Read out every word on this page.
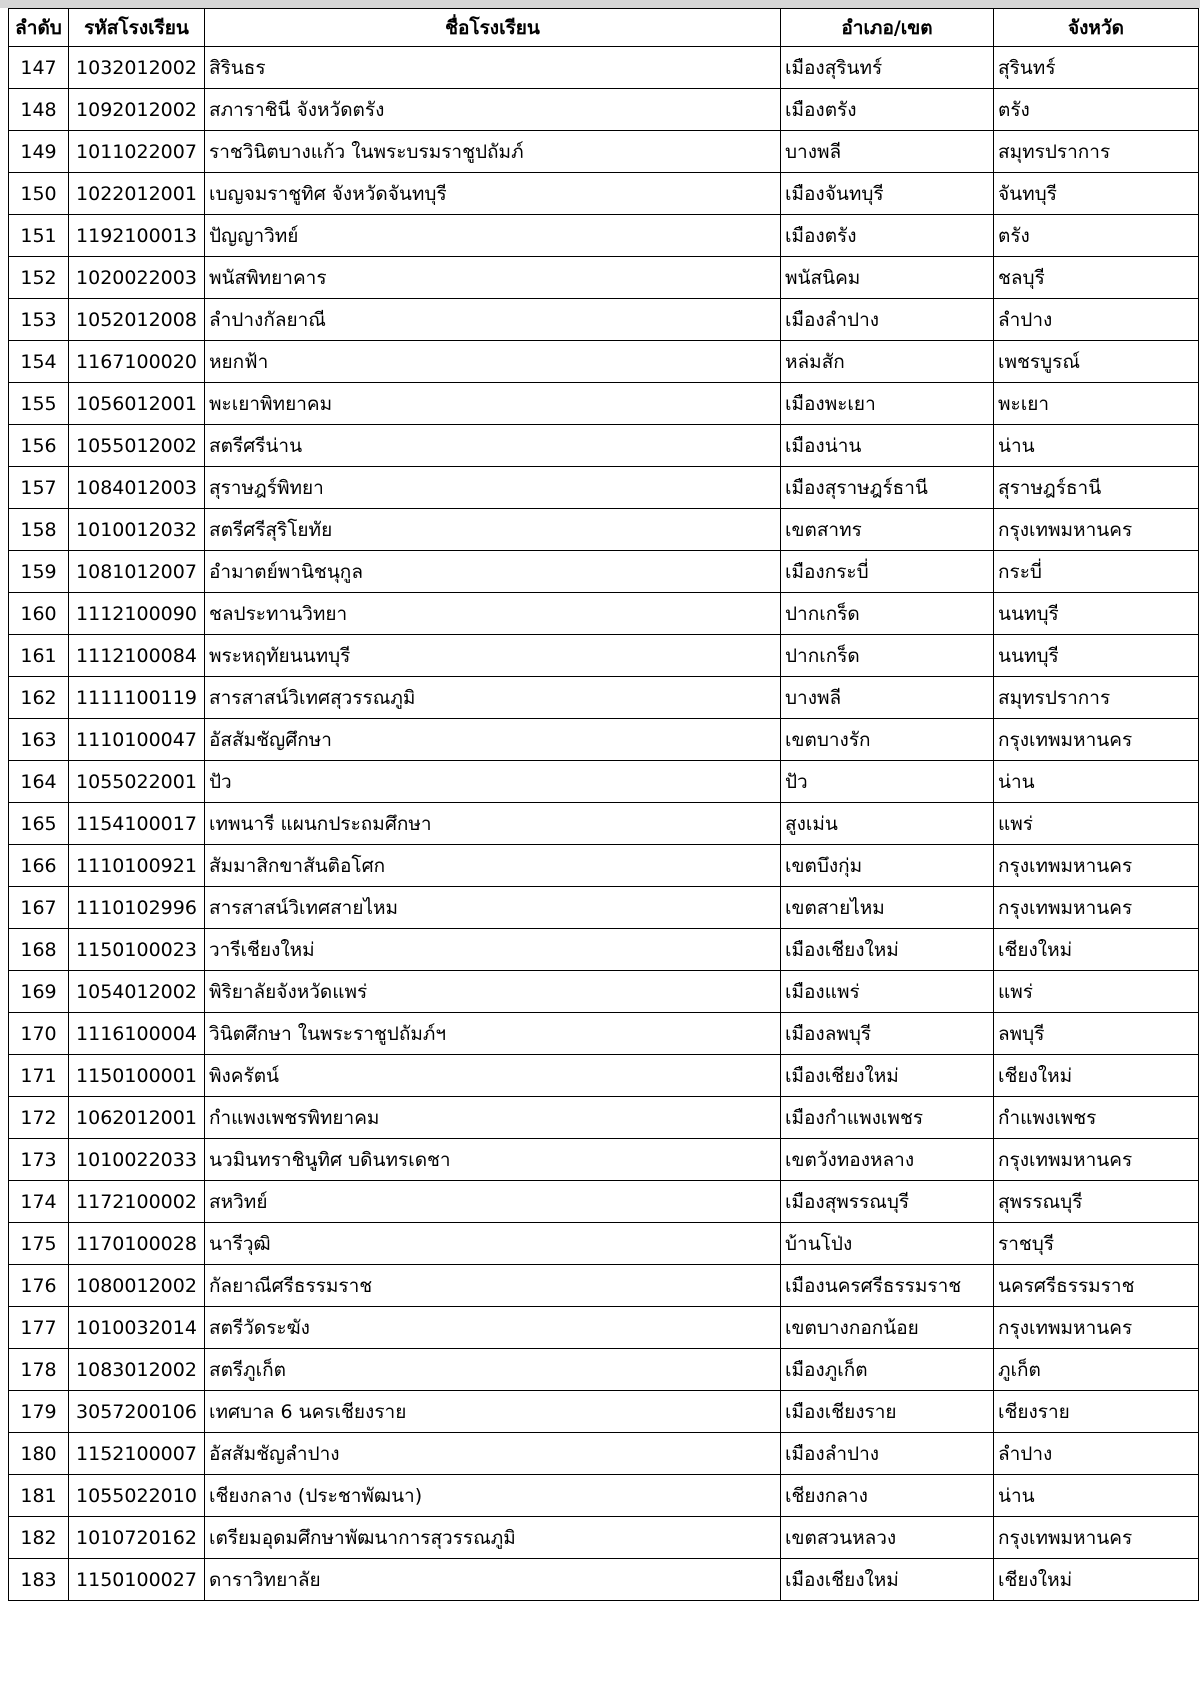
ลำดับ	รหัสโรงเรียน	ชื่อโรงเรียน	อำเภอ/เขต	จังหวัด
147	1032012002	สิรินธร	เมืองสุรินทร์	สุรินทร์
148	1092012002	สภาราชินี จังหวัดตรัง	เมืองตรัง	ตรัง
149	1011022007	ราชวินิตบางแก้ว ในพระบรมราชูปถัมภ์	บางพลี	สมุทรปราการ
150	1022012001	เบญจมราชูทิศ จังหวัดจันทบุรี	เมืองจันทบุรี	จันทบุรี
151	1192100013	ปัญญาวิทย์	เมืองตรัง	ตรัง
152	1020022003	พนัสพิทยาคาร	พนัสนิคม	ชลบุรี
153	1052012008	ลำปางกัลยาณี	เมืองลำปาง	ลำปาง
154	1167100020	หยกฟ้า	หล่มสัก	เพชรบูรณ์
155	1056012001	พะเยาพิทยาคม	เมืองพะเยา	พะเยา
156	1055012002	สตรีศรีน่าน	เมืองน่าน	น่าน
157	1084012003	สุราษฎร์พิทยา	เมืองสุราษฎร์ธานี	สุราษฎร์ธานี
158	1010012032	สตรีศรีสุริโยทัย	เขตสาทร	กรุงเทพมหานคร
159	1081012007	อำมาตย์พานิชนุกูล	เมืองกระบี่	กระบี่
160	1112100090	ชลประทานวิทยา	ปากเกร็ด	นนทบุรี
161	1112100084	พระหฤทัยนนทบุรี	ปากเกร็ด	นนทบุรี
162	1111100119	สารสาสน์วิเทศสุวรรณภูมิ	บางพลี	สมุทรปราการ
163	1110100047	อัสสัมชัญศึกษา	เขตบางรัก	กรุงเทพมหานคร
164	1055022001	ปัว	ปัว	น่าน
165	1154100017	เทพนารี แผนกประถมศึกษา	สูงเม่น	แพร่
166	1110100921	สัมมาสิกขาสันติอโศก	เขตบึงกุ่ม	กรุงเทพมหานคร
167	1110102996	สารสาสน์วิเทศสายไหม	เขตสายไหม	กรุงเทพมหานคร
168	1150100023	วารีเชียงใหม่	เมืองเชียงใหม่	เชียงใหม่
169	1054012002	พิริยาลัยจังหวัดแพร่	เมืองแพร่	แพร่
170	1116100004	วินิตศึกษา ในพระราชูปถัมภ์ฯ	เมืองลพบุรี	ลพบุรี
171	1150100001	พิงครัตน์	เมืองเชียงใหม่	เชียงใหม่
172	1062012001	กำแพงเพชรพิทยาคม	เมืองกำแพงเพชร	กำแพงเพชร
173	1010022033	นวมินทราชินูทิศ บดินทรเดชา	เขตวังทองหลาง	กรุงเทพมหานคร
174	1172100002	สหวิทย์	เมืองสุพรรณบุรี	สุพรรณบุรี
175	1170100028	นารีวุฒิ	บ้านโป่ง	ราชบุรี
176	1080012002	กัลยาณีศรีธรรมราช	เมืองนครศรีธรรมราช	นครศรีธรรมราช
177	1010032014	สตรีวัดระฆัง	เขตบางกอกน้อย	กรุงเทพมหานคร
178	1083012002	สตรีภูเก็ต	เมืองภูเก็ต	ภูเก็ต
179	3057200106	เทศบาล 6 นครเชียงราย	เมืองเชียงราย	เชียงราย
180	1152100007	อัสสัมชัญลำปาง	เมืองลำปาง	ลำปาง
181	1055022010	เชียงกลาง (ประชาพัฒนา)	เชียงกลาง	น่าน
182	1010720162	เตรียมอุดมศึกษาพัฒนาการสุวรรณภูมิ	เขตสวนหลวง	กรุงเทพมหานคร
183	1150100027	ดาราวิทยาลัย	เมืองเชียงใหม่	เชียงใหม่
